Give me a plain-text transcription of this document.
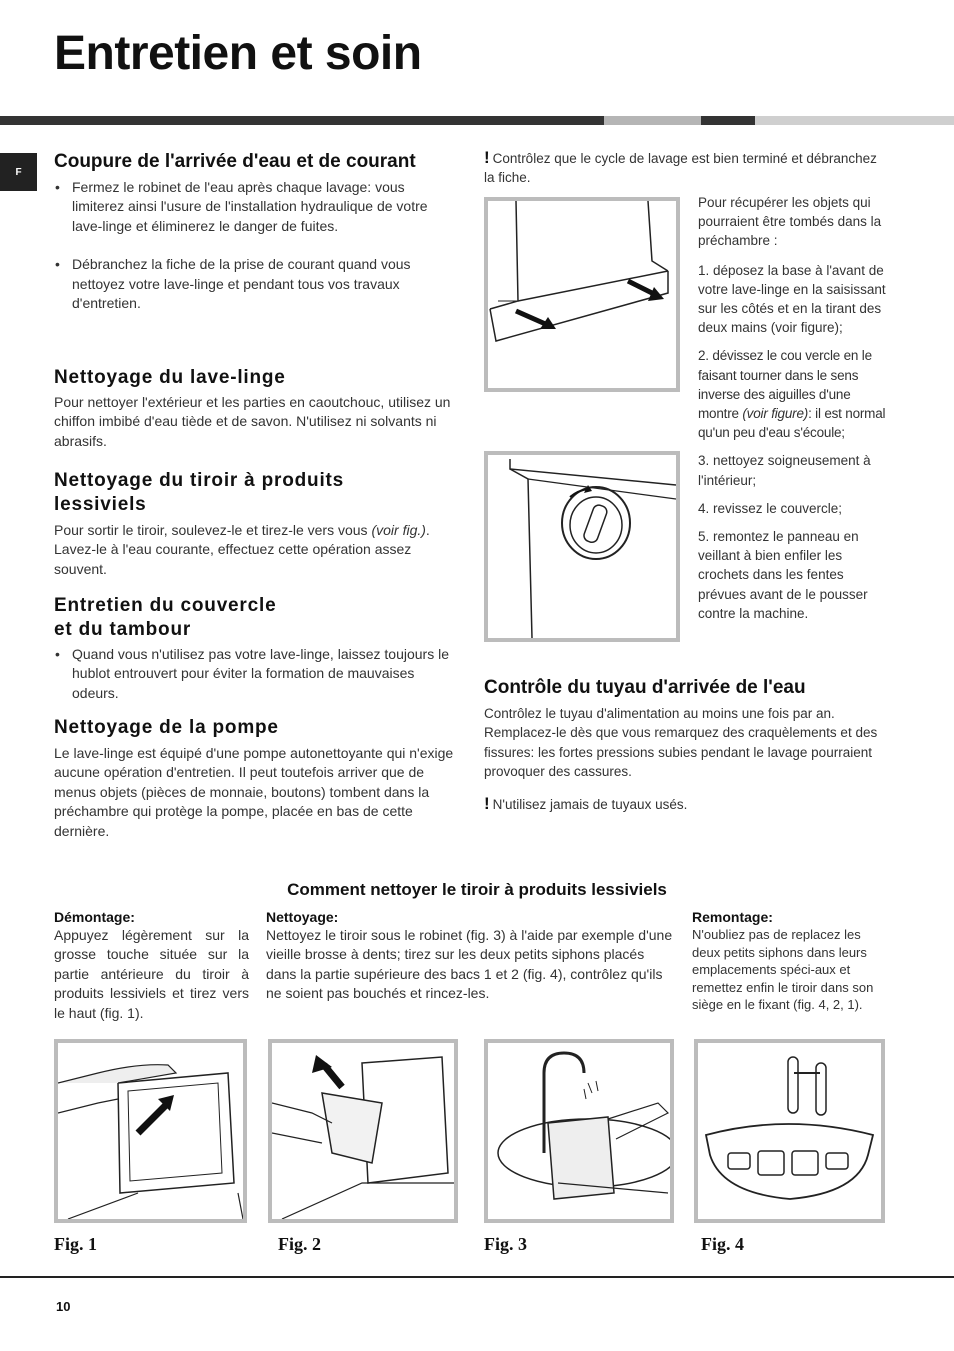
Entretien et soin
F	Coupure de l'arrivée d'eau et de courant
• Fermez le robinet de l'eau après chaque lavage: vous limiterez ainsi l'usure de l'installation hydraulique de votre lave-linge et éliminerez le danger de fuites.
• Débranchez la fiche de la prise de courant quand vous nettoyez votre lave-linge et pendant tous vos travaux d'entretien.
Nettoyage du lave-linge

Pour nettoyer l'extérieur et les parties en caoutchouc, utilisez un chiffon imbibé d'eau tiède et de savon. N'utilisez ni solvants ni abrasifs.

Nettoyage du tiroir à produits lessiviels

Pour sortir le tiroir, soulevez-le et tirez-le vers vous (voir fig.). Lavez-le à l'eau courante, effectuez cette opération assez souvent.

Entretien du couvercle
et du tambour
• Quand vous n'utilisez pas votre lave-linge, laissez toujours le hublot entrouvert pour éviter la formation de mauvaises odeurs.
Nettoyage de la pompe

Le lave-linge est équipé d'une pompe autonettoyante qui n'exige aucune opération d'entretien. Il peut toutefois arriver que de menus objets (pièces de monnaie, boutons) tombent dans la préchambre qui protège la pompe, placée en bas de cette dernière.

! Contrôlez que le cycle de lavage est bien terminé et débranchez la fiche.

Pour récupérer les objets qui pourraient être tombés dans la préchambre :

1. déposez la base à l'avant de votre lave-linge en la saisissant sur les côtés et en la tirant des deux mains (voir figure);

2. dévissez le cou vercle en le faisant tourner dans le sens inverse des aiguilles d'une montre (voir figure): il est normal qu'un peu d'eau s'écoule;

3. nettoyez soigneusement à l'intérieur;

4. revissez le couvercle;

5. remontez le panneau en veillant à bien enfiler les crochets dans les fentes prévues avant de le pousser contre la machine.

Contrôle du tuyau d'arrivée de l'eau

Contrôlez le tuyau d'alimentation au moins une fois par an. Remplacez-le dès que vous remarquez des craquèlements et des fissures: les fortes pressions subies pendant le lavage pourraient provoquer des cassures.

! N'utilisez jamais de tuyaux usés.

Comment nettoyer le tiroir à produits lessiviels
Démontage:

Appuyez légèrement sur la grosse touche située sur la partie antérieure du tiroir à produits lessiviels et tirez vers le haut (fig. 1).

Nettoyage:

Nettoyez le tiroir sous le robinet (fig. 3) à l'aide par exemple d'une vieille brosse à dents; tirez sur les deux petits siphons placés dans la partie supérieure des bacs 1 et 2 (fig. 4), contrôlez qu'ils ne soient pas bouchés et rincez-les.

Remontage:

N'oubliez pas de replacez les deux petits siphons dans leurs emplacements spéci-aux et remettez enfin le tiroir dans son siège en le fixant (fig. 4, 2, 1).

Fig. 1	Fig. 2	Fig. 3	Fig. 4
10
